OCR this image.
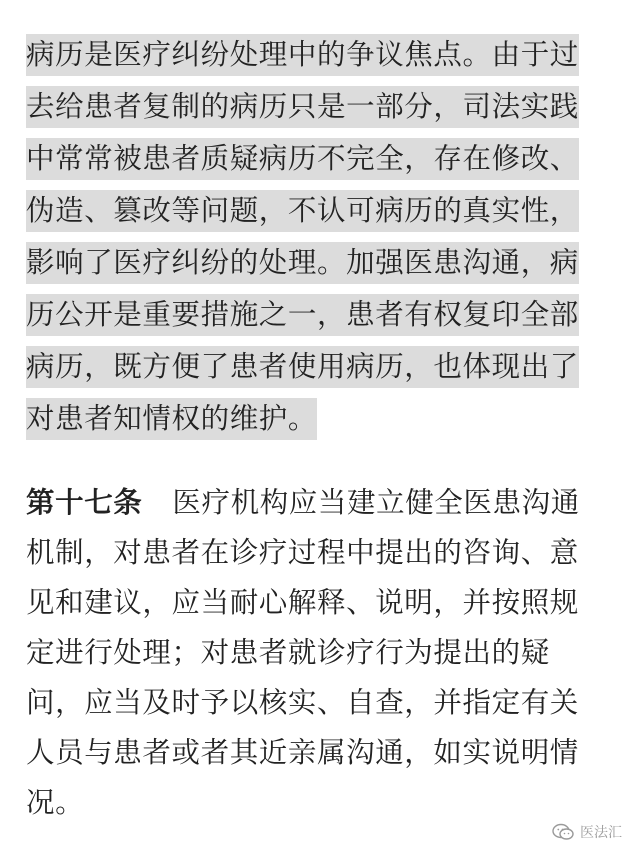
病历是医疗纠纷处理中的争议焦点。由于过
去给患者复制的病历只是一部分，司法实践
中常常被患者质疑病历不完全，存在修改、
伪造、篡改等问题，不认可病历的真实性，
影响了医疗纠纷的处理。加强医患沟通，病
历公开是重要措施之一，患者有权复印全部
病历，既方便了患者使用病历，也体现出了
对患者知情权的维护。
第十七条 医疗机构应当建立健全医患沟通
机制，对患者在诊疗过程中提出的咨询、意
见和建议，应当耐心解释、说明，并按照规
定进行处理；对患者就诊疗行为提出的疑
问，应当及时予以核实、自查，并指定有关
人员与患者或者其近亲属沟通，如实说明情
况。
医法汇
